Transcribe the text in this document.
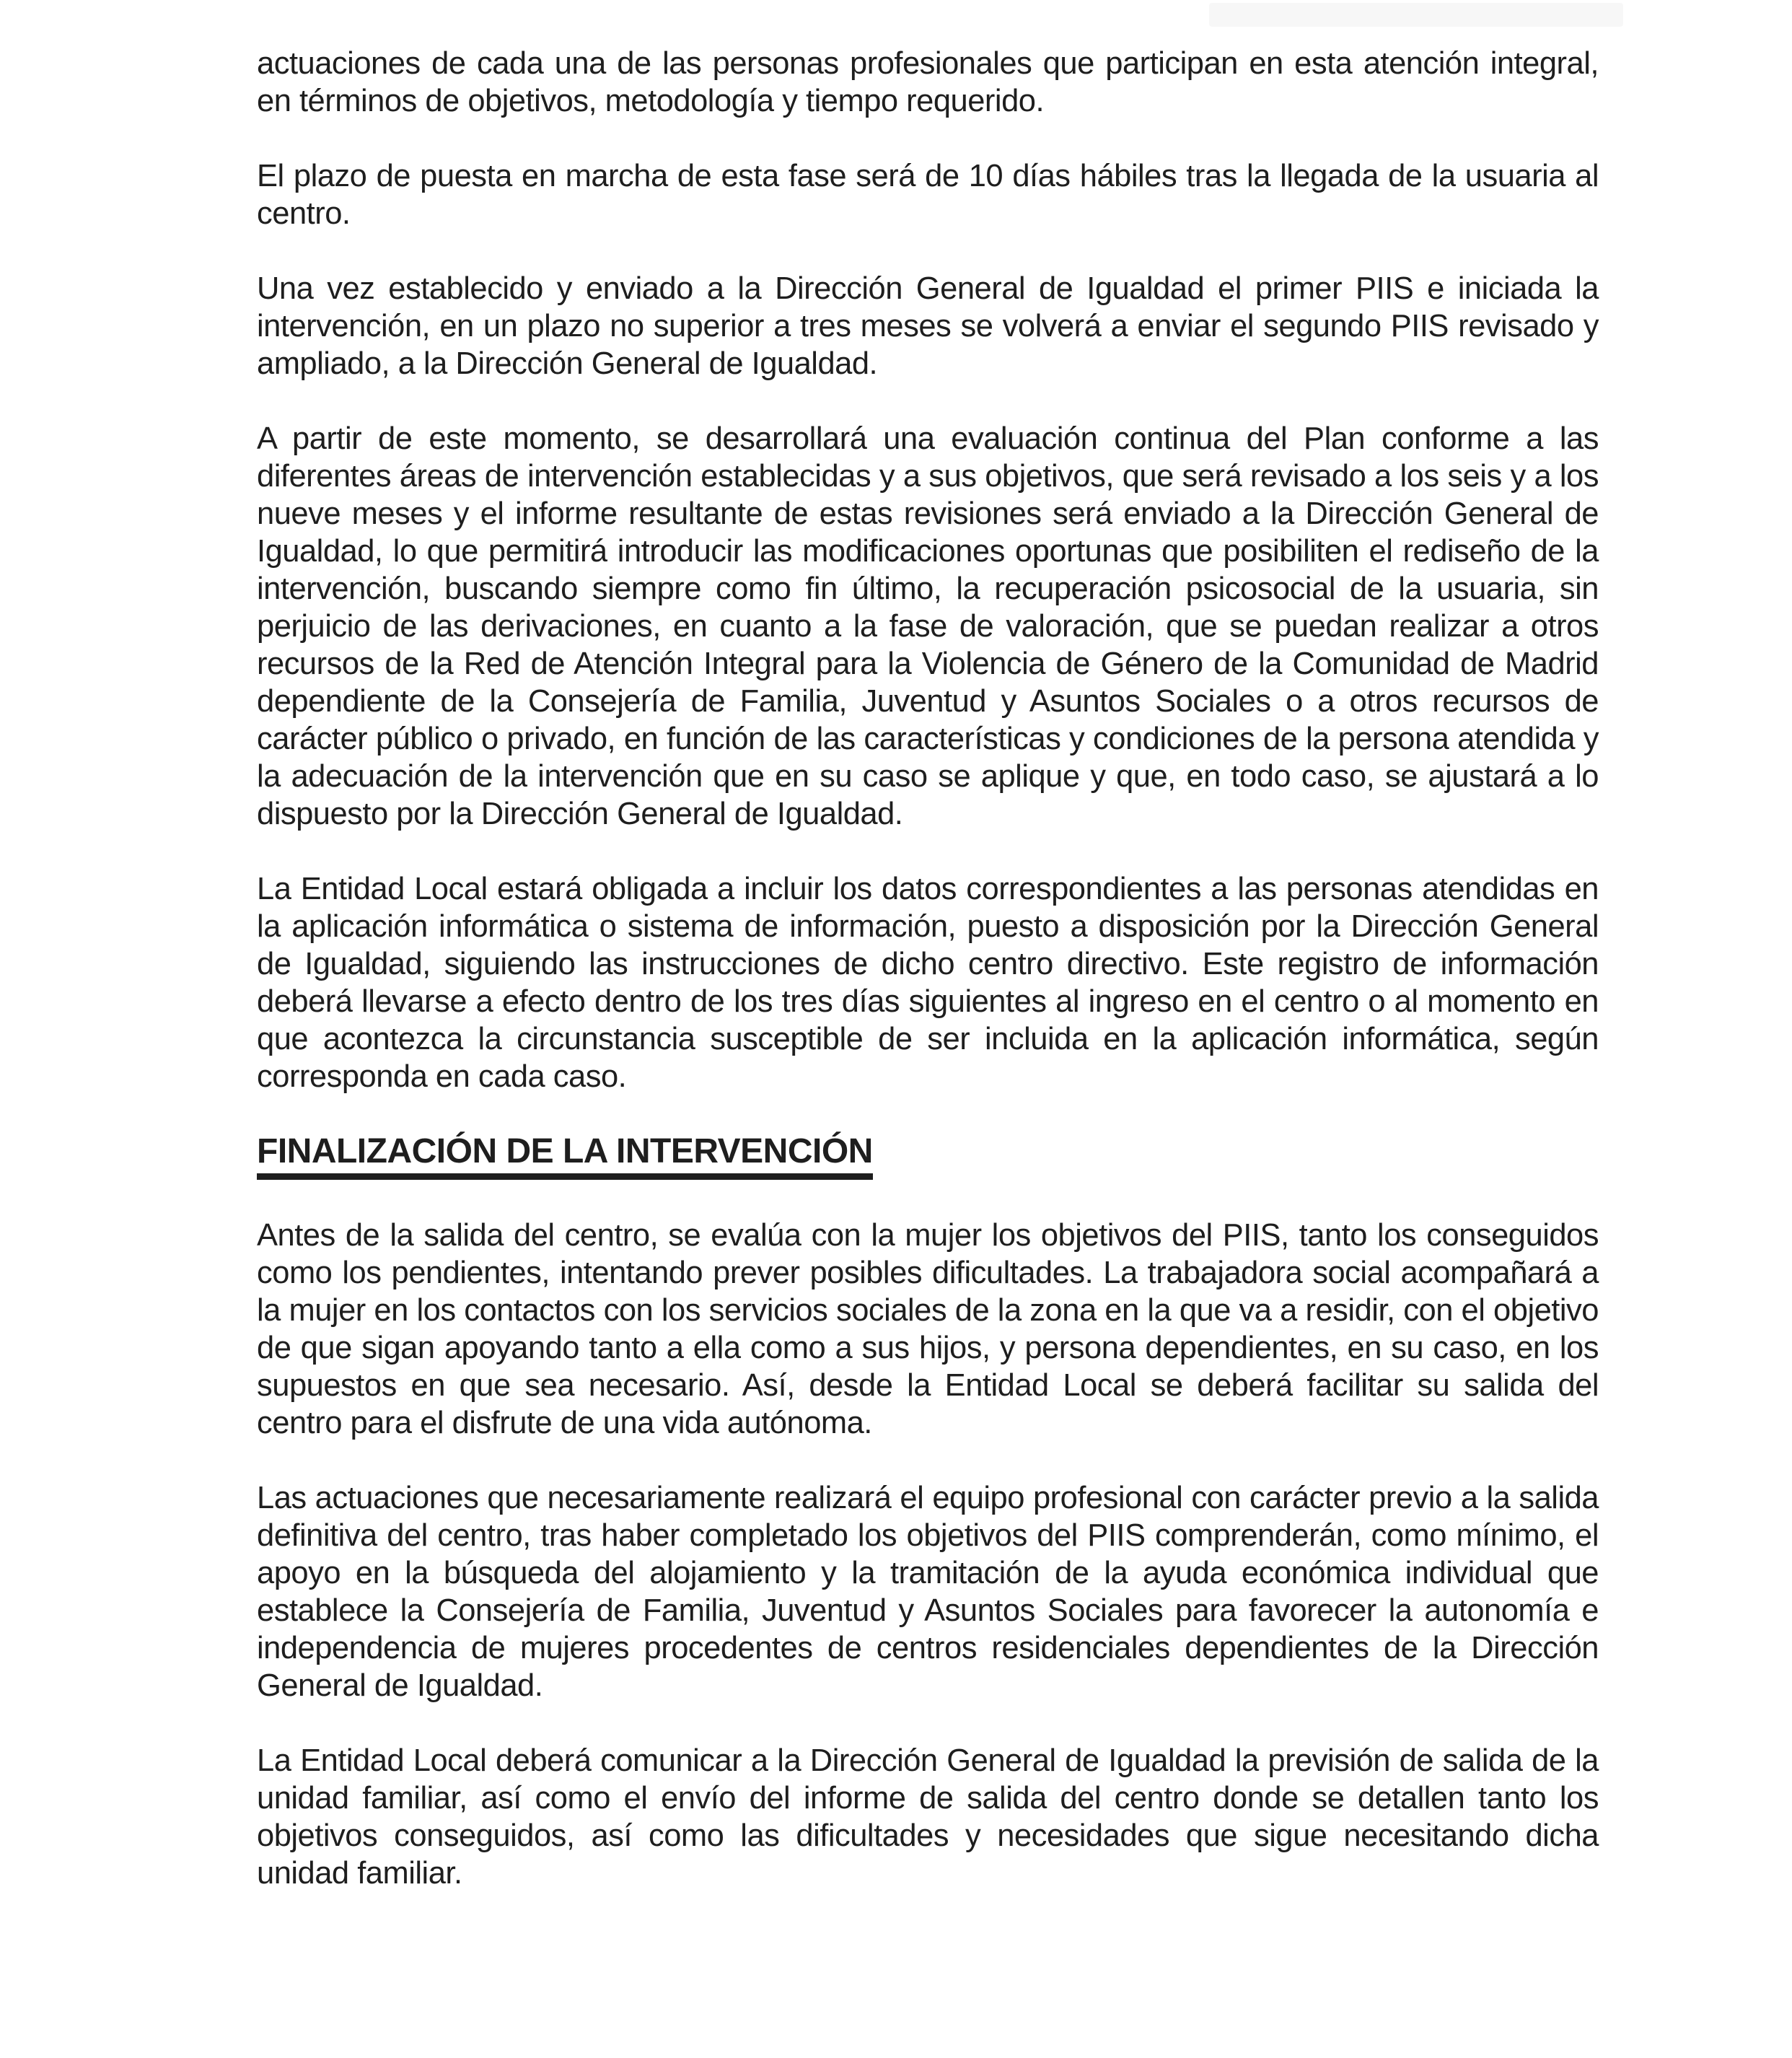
actuaciones de cada una de las personas profesionales que participan en esta atención integral, en términos de objetivos, metodología y tiempo requerido.

El plazo de puesta en marcha de esta fase será de 10 días hábiles tras la llegada de la usuaria al centro.

Una vez establecido y enviado a la Dirección General de Igualdad el primer PIIS e iniciada la intervención, en un plazo no superior a tres meses se volverá a enviar el segundo PIIS revisado y ampliado, a la Dirección General de Igualdad.

A partir de este momento, se desarrollará una evaluación continua del Plan conforme a las diferentes áreas de intervención establecidas y a sus objetivos, que será revisado a los seis y a los nueve meses y el informe resultante de estas revisiones será enviado a la Dirección General de Igualdad, lo que permitirá introducir las modificaciones oportunas que posibiliten el rediseño de la intervención, buscando siempre como fin último, la recuperación psicosocial de la usuaria, sin perjuicio de las derivaciones, en cuanto a la fase de valoración, que se puedan realizar a otros recursos de la Red de Atención Integral para la Violencia de Género de la Comunidad de Madrid dependiente de la Consejería de Familia, Juventud y Asuntos Sociales o a otros recursos de carácter público o privado, en función de las características y condiciones de la persona atendida y la adecuación de la intervención que en su caso se aplique y que, en todo caso, se ajustará a lo dispuesto por la Dirección General de Igualdad.

La Entidad Local estará obligada a incluir los datos correspondientes a las personas atendidas en la aplicación informática o sistema de información, puesto a disposición por la Dirección General de Igualdad, siguiendo las instrucciones de dicho centro directivo. Este registro de información deberá llevarse a efecto dentro de los tres días siguientes al ingreso en el centro o al momento en que acontezca la circunstancia susceptible de ser incluida en la aplicación informática, según corresponda en cada caso.

FINALIZACIÓN DE LA INTERVENCIÓN

Antes de la salida del centro, se evalúa con la mujer los objetivos del PIIS, tanto los conseguidos como los pendientes, intentando prever posibles dificultades. La trabajadora social acompañará a la mujer en los contactos con los servicios sociales de la zona en la que va a residir, con el objetivo de que sigan apoyando tanto a ella como a sus hijos, y persona dependientes, en su caso, en los supuestos en que sea necesario. Así, desde la Entidad Local se deberá facilitar su salida del centro para el disfrute de una vida autónoma.

Las actuaciones que necesariamente realizará el equipo profesional con carácter previo a la salida definitiva del centro, tras haber completado los objetivos del PIIS comprenderán, como mínimo, el apoyo en la búsqueda del alojamiento y la tramitación de la ayuda económica individual que establece la Consejería de Familia, Juventud y Asuntos Sociales para favorecer la autonomía e independencia de mujeres procedentes de centros residenciales dependientes de la Dirección General de Igualdad.

La Entidad Local deberá comunicar a la Dirección General de Igualdad la previsión de salida de la unidad familiar, así como el envío del informe de salida del centro donde se detallen tanto los objetivos conseguidos, así como las dificultades y necesidades que sigue necesitando dicha unidad familiar.
